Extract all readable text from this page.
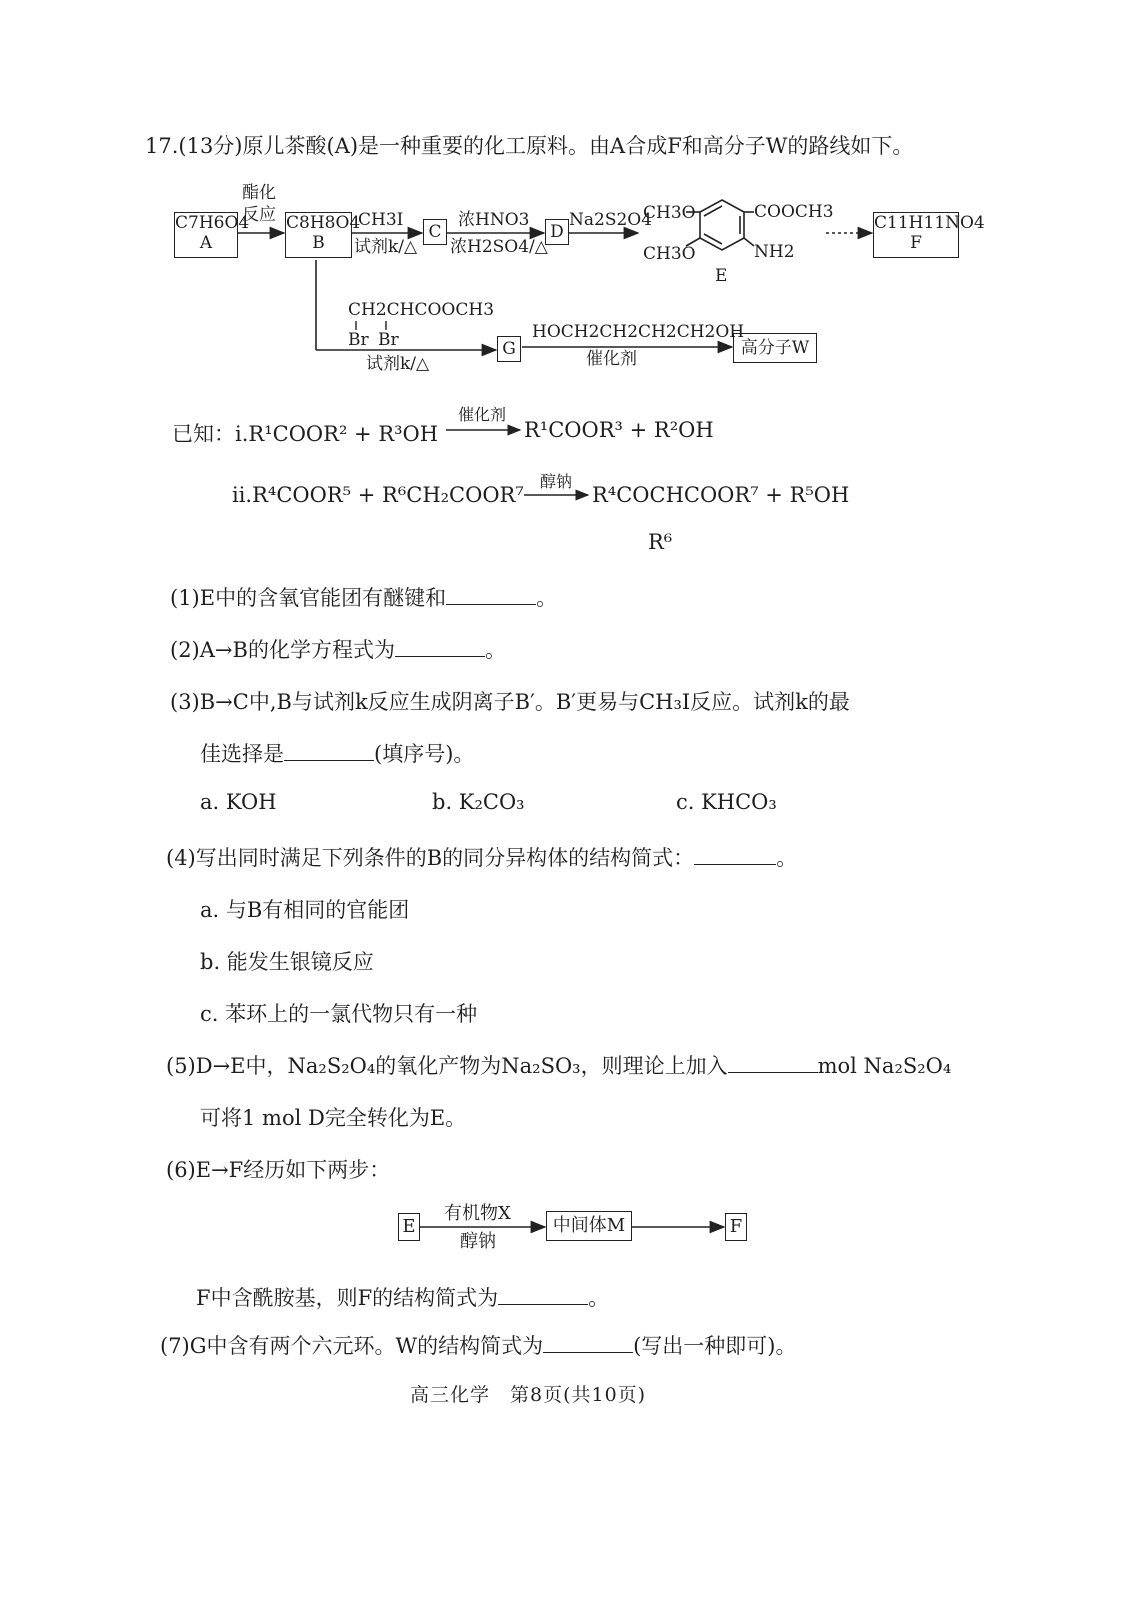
17.(13分)原儿茶酸(A)是一种重要的化工原料。由A合成F和高分子W的路线如下。
C7H6O4
A
C8H8O4
B
C	D	C11H11NO4
F
G	高分子W
酯化
反应	CH3I
试剂k/△
浓HNO3
浓H2SO4/△
Na2S2O4
CH3O
CH3O
COOCH3
NH2
E
CH2CHCOOCH3
Br Br
试剂k/△
HOCH2CH2CH2CH2OH
催化剂
已知：ⅰ.R¹COOR² + R³OH
催化剂
R¹COOR³ + R²OH
ⅱ.R⁴COOR⁵ + R⁶CH₂COOR⁷
醇钠
R⁴COCHCOOR⁷ + R⁵OH
R⁶
(1)E中的含氧官能团有醚键和	。
(2)A→B的化学方程式为	。
(3)B→C中,B与试剂k反应生成阴离子B′。B′更易与CH₃I反应。试剂k的最
佳选择是	(填序号)。
a. KOH	b. K₂CO₃	c. KHCO₃
(4)写出同时满足下列条件的B的同分异构体的结构简式：	。
a. 与B有相同的官能团
b. 能发生银镜反应
c. 苯环上的一氯代物只有一种
(5)D→E中，Na₂S₂O₄的氧化产物为Na₂SO₃，则理论上加入	mol Na₂S₂O₄
可将1 mol D完全转化为E。
(6)E→F经历如下两步：
E
有机物X
醇钠
中间体M	F
F中含酰胺基，则F的结构简式为	。
(7)G中含有两个六元环。W的结构简式为	(写出一种即可)。
高三化学　第8页(共10页)
